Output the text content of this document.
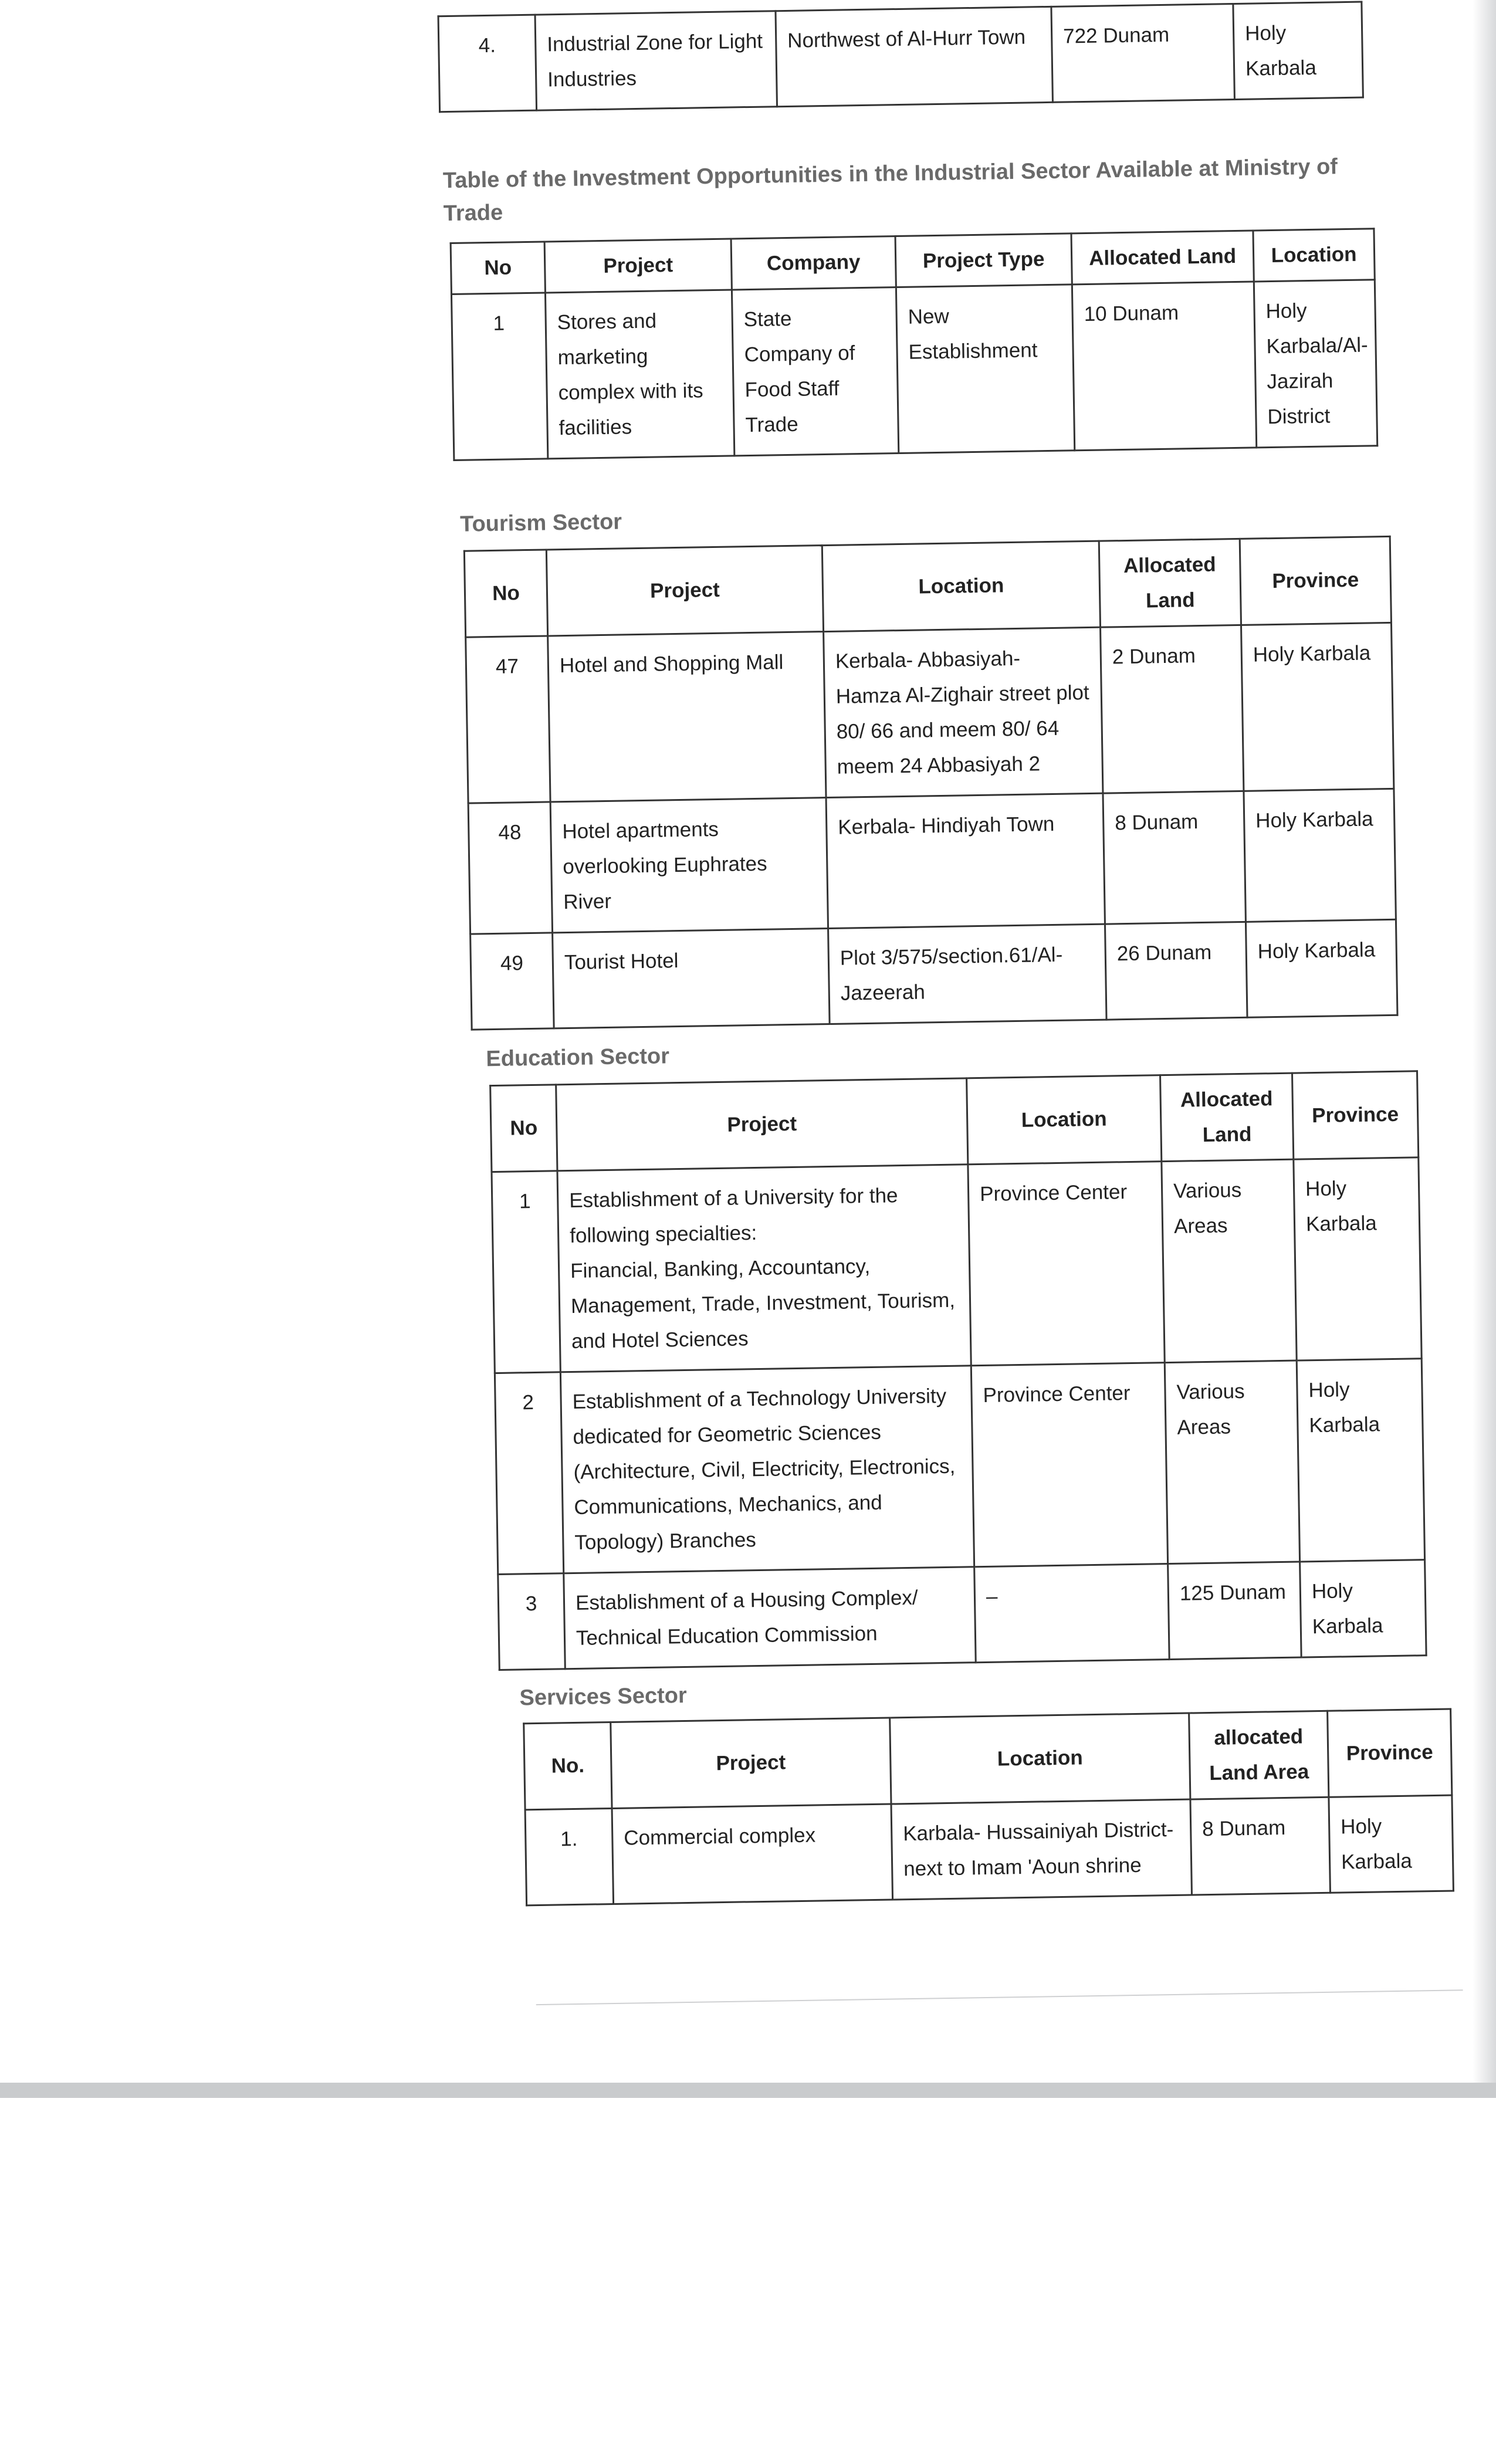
4.	Industrial Zone for Light Industries	Northwest of Al-Hurr Town	722 Dunam	Holy Karbala
Table of the Investment Opportunities in the Industrial Sector Available at Ministry of Trade
No	Project	Company	Project Type	Allocated Land	Location
1	Stores and marketing complex with its facilities	State Company of Food Staff Trade	New Establishment	10 Dunam	Holy Karbala/Al-Jazirah District
Tourism Sector
No	Project	Location	Allocated Land	Province
47	Hotel and Shopping Mall	Kerbala- Abbasiyah- Hamza Al-Zighair street plot 80/ 66 and meem 80/ 64 meem 24 Abbasiyah 2	2 Dunam	Holy Karbala
48	Hotel apartments overlooking Euphrates River	Kerbala- Hindiyah Town	8 Dunam	Holy Karbala
49	Tourist Hotel	Plot 3/575/section.61/Al-Jazeerah	26 Dunam	Holy Karbala
Education Sector
No	Project	Location	Allocated Land	Province
1	Establishment of a University for the following specialties:
Financial, Banking, Accountancy, Management, Trade, Investment, Tourism, and Hotel Sciences	Province Center	Various Areas	Holy Karbala
2	Establishment of a Technology University dedicated for Geometric Sciences (Architecture, Civil, Electricity, Electronics, Communications, Mechanics, and Topology) Branches	Province Center	Various Areas	Holy Karbala
3	Establishment of a Housing Complex/ Technical Education Commission	–	125 Dunam	Holy Karbala
Services Sector
No.	Project	Location	allocated Land Area	Province
1.	Commercial complex	Karbala- Hussainiyah District- next to Imam 'Aoun shrine	8 Dunam	Holy Karbala
